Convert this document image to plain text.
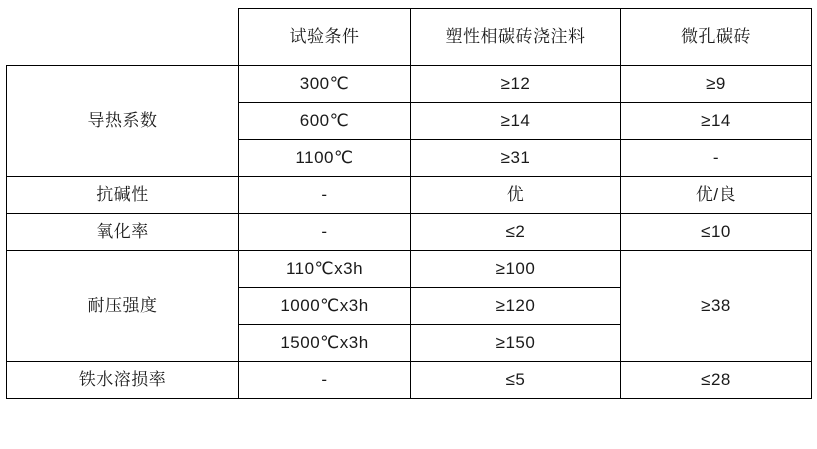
	试验条件	塑性相碳砖浇注料	微孔碳砖
导热系数	300℃	≥12	≥9
	600℃	≥14	≥14
	1100℃	≥31	-
抗碱性	-	优	优/良
氧化率	-	≤2	≤10
耐压强度	110℃x3h	≥100	≥38
	1000℃x3h	≥120	
	1500℃x3h	≥150	
铁水溶损率	-	≤5	≤28
